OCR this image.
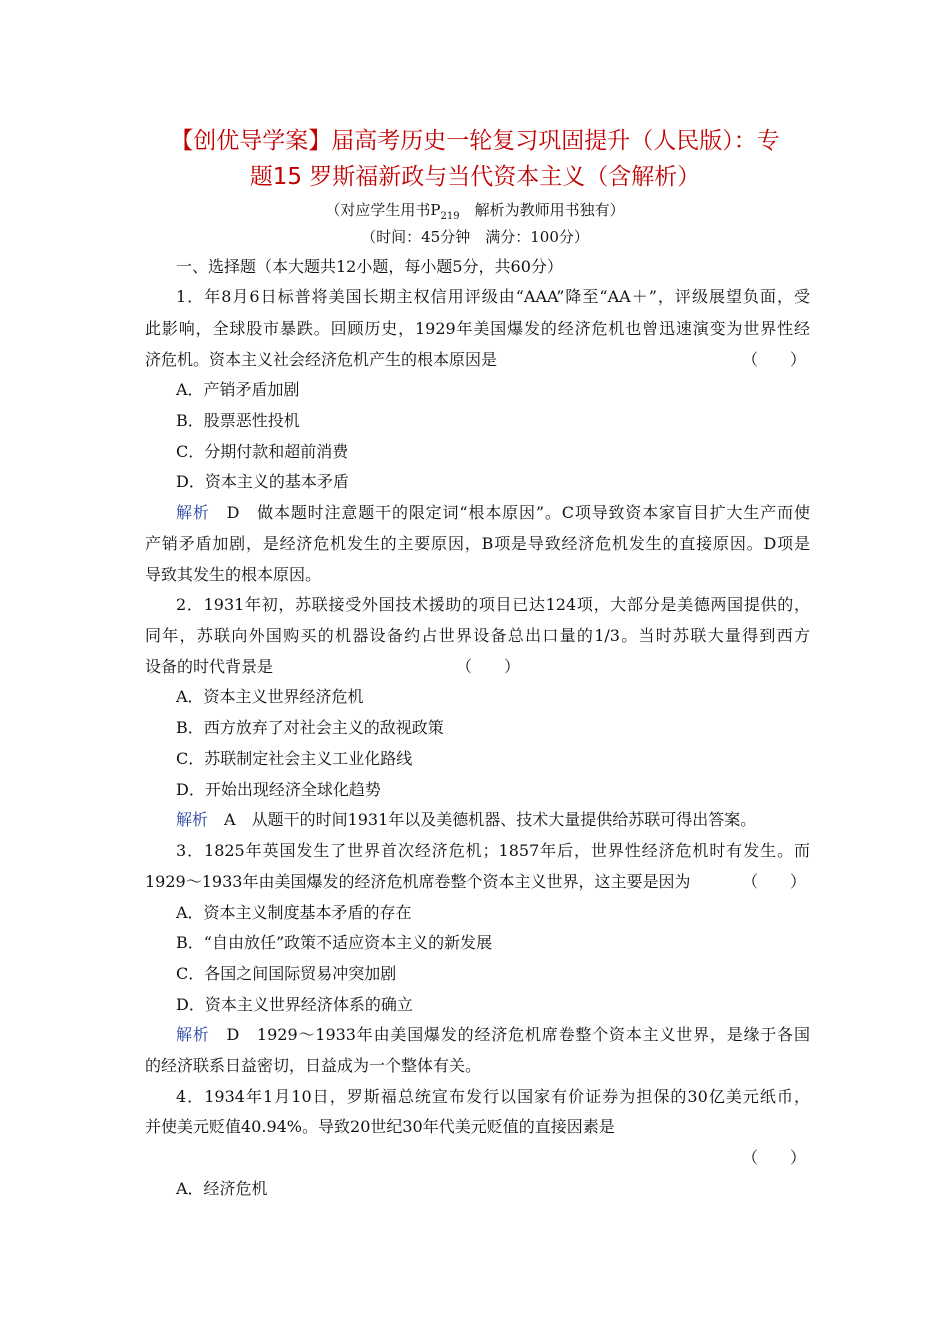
【创优导学案】届高考历史一轮复习巩固提升（人民版）：专
题15 罗斯福新政与当代资本主义（含解析）
（对应学生用书$P_{219}$　解析为教师用书独有）
（时间：45分钟　满分：100分）
一、选择题（本大题共12小题，每小题5分，共60分）
1．年8月6日标普将美国长期主权信用评级由“AAA”降至“AA＋”，评级展望负面，受
此影响，全球股市暴跌。回顾历史，1929年美国爆发的经济危机也曾迅速演变为世界性经
济危机。资本主义社会经济危机产生的根本原因是	（　　）
A．产销矛盾加剧
B．股票恶性投机
C．分期付款和超前消费
D．资本主义的基本矛盾
解析　D　做本题时注意题干的限定词“根本原因”。C项导致资本家盲目扩大生产而使
产销矛盾加剧，是经济危机发生的主要原因，B项是导致经济危机发生的直接原因。D项是
导致其发生的根本原因。
2．1931年初，苏联接受外国技术援助的项目已达124项，大部分是美德两国提供的，
同年，苏联向外国购买的机器设备约占世界设备总出口量的1/3。当时苏联大量得到西方
设备的时代背景是	（　　）
A．资本主义世界经济危机
B．西方放弃了对社会主义的敌视政策
C．苏联制定社会主义工业化路线
D．开始出现经济全球化趋势
解析　A　从题干的时间1931年以及美德机器、技术大量提供给苏联可得出答案。
3．1825年英国发生了世界首次经济危机；1857年后，世界性经济危机时有发生。而
1929～1933年由美国爆发的经济危机席卷整个资本主义世界，这主要是因为	（　　）
A．资本主义制度基本矛盾的存在
B．“自由放任”政策不适应资本主义的新发展
C．各国之间国际贸易冲突加剧
D．资本主义世界经济体系的确立
解析　D　1929～1933年由美国爆发的经济危机席卷整个资本主义世界，是缘于各国
的经济联系日益密切，日益成为一个整体有关。
4．1934年1月10日，罗斯福总统宣布发行以国家有价证券为担保的30亿美元纸币，
并使美元贬值40.94%。导致20世纪30年代美元贬值的直接因素是
（　　）
A．经济危机
